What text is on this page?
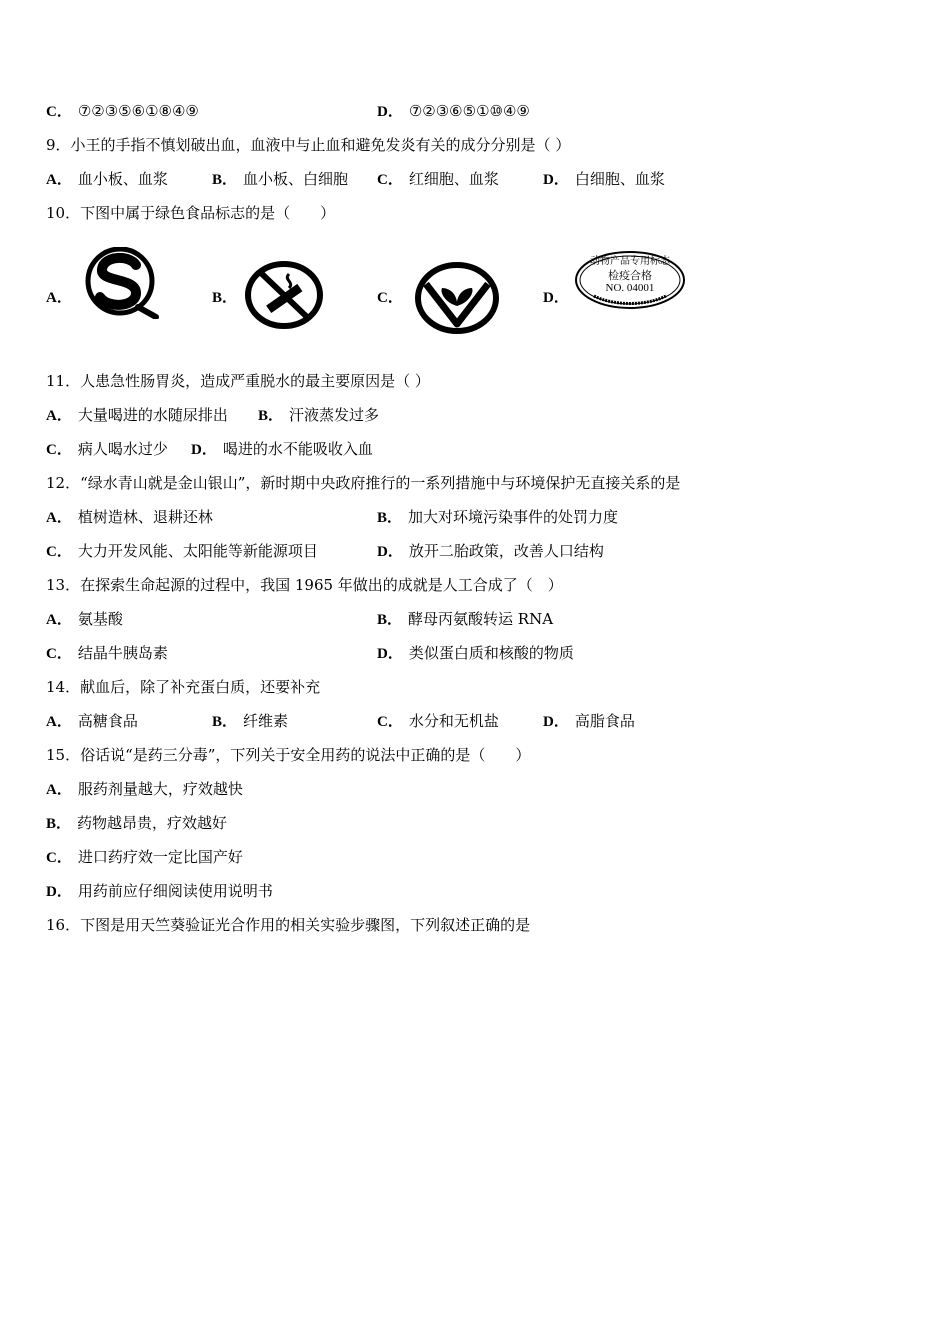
C． ⑦②③⑤⑥①⑧④⑨	D． ⑦②③⑥⑤①⑩④⑨
9．小王的手指不慎划破出血，血液中与止血和避免发炎有关的成分分别是（ ）
A． 血小板、血浆	B． 血小板、白细胞 C． 红细胞、血浆	D． 白细胞、血浆
10．下图中属于绿色食品标志的是（　　）
A．	B．	C．	D．
动物产品专用标志
检疫合格
NO. 04001
11．人患急性肠胃炎，造成严重脱水的最主要原因是（ ）
A． 大量喝进的水随尿排出 B． 汗液蒸发过多
C． 病人喝水过少 D． 喝进的水不能吸收入血
12．“绿水青山就是金山银山”，新时期中央政府推行的一系列措施中与环境保护无直接关系的是
A． 植树造林、退耕还林	B． 加大对环境污染事件的处罚力度
C． 大力开发风能、太阳能等新能源项目	D． 放开二胎政策，改善人口结构
13．在探索生命起源的过程中，我国 1965 年做出的成就是人工合成了（　）
A． 氨基酸	B． 酵母丙氨酸转运 RNA
C． 结晶牛胰岛素	D． 类似蛋白质和核酸的物质
14．献血后，除了补充蛋白质，还要补充
A． 高糖食品	B． 纤维素	C． 水分和无机盐	D． 高脂食品
15．俗话说“是药三分毒”，下列关于安全用药的说法中正确的是（　　）
A． 服药剂量越大，疗效越快
B． 药物越昂贵，疗效越好
C． 进口药疗效一定比国产好
D． 用药前应仔细阅读使用说明书
16．下图是用天竺葵验证光合作用的相关实验步骤图，下列叙述正确的是
